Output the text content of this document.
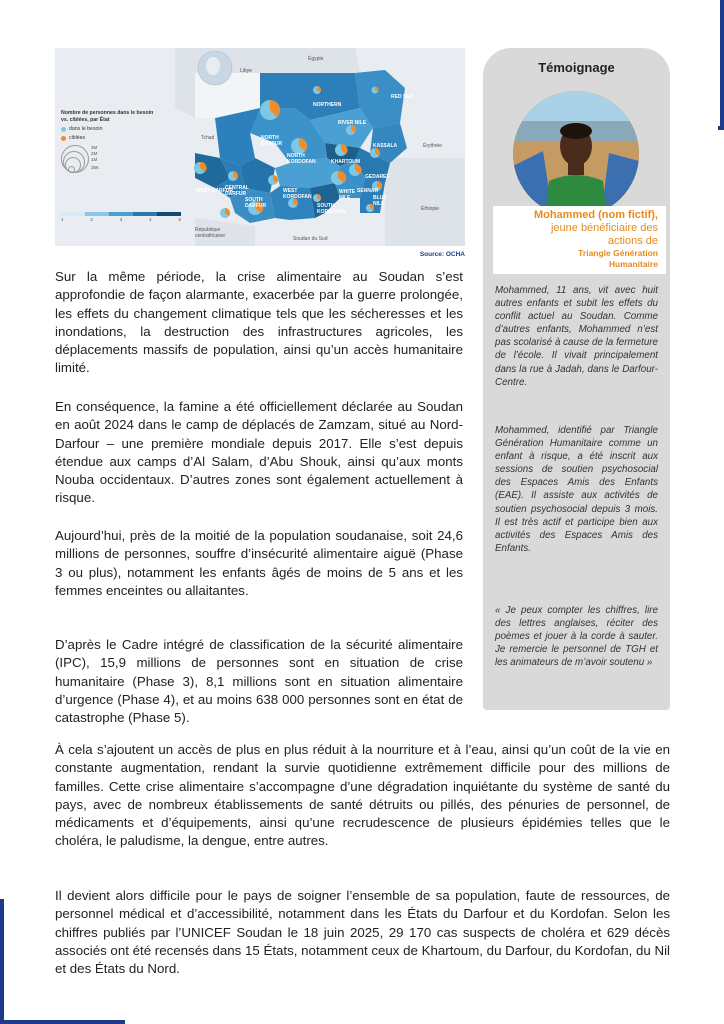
Égypte
Libye
Tchad
Érythrée
Éthiopie
République centrafricaine
Soudan du Sud
RED SEA
NORTHERN
NORTH DARFUR
RIVER NILE
NORTH KORDOFAN	KHARTOUM
KASSALA
GEDAREF
WEST DARFUR
CENTRAL DARFUR
SOUTH DARFUR
WEST KORDOFAN
SOUTH KORDOFAN
BLUE NILE
SENNAR
WHITE NILE
Nombre de personnes dans le besoin vs. ciblées, par État
dans le besoin
ciblées
3M
2M
1M
35K
1	2	3	4	5
Source: OCHA

Sur la même période, la crise alimentaire au Soudan s’est approfondie de façon alarmante, exacerbée par la guerre prolongée, les effets du changement climatique tels que les sécheresses et les inondations, la destruction des infrastructures agricoles, les déplacements massifs de population, ainsi qu’un accès humanitaire limité.

En conséquence, la famine a été officiellement déclarée au Soudan en août 2024 dans le camp de déplacés de Zamzam, situé au Nord-Darfour – une première mondiale depuis 2017. Elle s’est depuis étendue aux camps d’Al Salam, d’Abu Shouk, ainsi qu’aux monts Nouba occidentaux. D’autres zones sont également actuellement à risque.

Aujourd’hui, près de la moitié de la population soudanaise, soit 24,6 millions de personnes, souffre d’insécurité alimentaire aiguë (Phase 3 ou plus), notamment les enfants âgés de moins de 5 ans et les femmes enceintes ou allaitantes.

D’après le Cadre intégré de classification de la sécurité alimentaire (IPC), 15,9 millions de personnes sont en situation de crise humanitaire (Phase 3), 8,1 millions sont en situation alimentaire d’urgence (Phase 4), et au moins 638 000 personnes sont en état de catastrophe (Phase 5).

À cela s’ajoutent un accès de plus en plus réduit à la nourriture et à l’eau, ainsi qu’un coût de la vie en constante augmentation, rendant la survie quotidienne extrêmement difficile pour des millions de familles. Cette crise alimentaire s’accompagne d’une dégradation inquiétante du système de santé du pays, avec de nombreux établissements de santé détruits ou pillés, des pénuries de personnel, de médicaments et d’équipements, ainsi qu’une recrudescence de plusieurs épidémies telles que le choléra, le paludisme, la dengue, entre autres.

Il devient alors difficile pour le pays de soigner l’ensemble de sa population, faute de ressources, de personnel médical et d’accessibilité, notamment dans les États du Darfour et du Kordofan. Selon les chiffres publiés par l’UNICEF Soudan le 18 juin 2025, 29 170 cas suspects de choléra et 629 décès associés ont été recensés dans 15 États, notamment ceux de Khartoum, du Darfour, du Kordofan, du Nil et des États du Nord.

Témoignage
Mohammed (nom fictif),
jeune bénéficiaire des
actions de
Triangle Génération
Humanitaire

Mohammed, 11 ans, vit avec huit autres enfants et subit les effets du conflit actuel au Soudan. Comme d’autres enfants, Mohammed n’est pas scolarisé à cause de la fermeture de l’école. Il vivait principalement dans la rue à Jadah, dans le Darfour-Centre.

Mohammed, identifié par Triangle Génération Humanitaire comme un enfant à risque, a été inscrit aux sessions de soutien psychosocial des Espaces Amis des Enfants (EAE). Il assiste aux activités de soutien psychosocial depuis 3 mois. Il est très actif et participe bien aux activités des Espaces Amis des Enfants.

« Je peux compter les chiffres, lire des lettres anglaises, réciter des poèmes et jouer à la corde à sauter. Je remercie le personnel de TGH et les animateurs de m’avoir soutenu »
